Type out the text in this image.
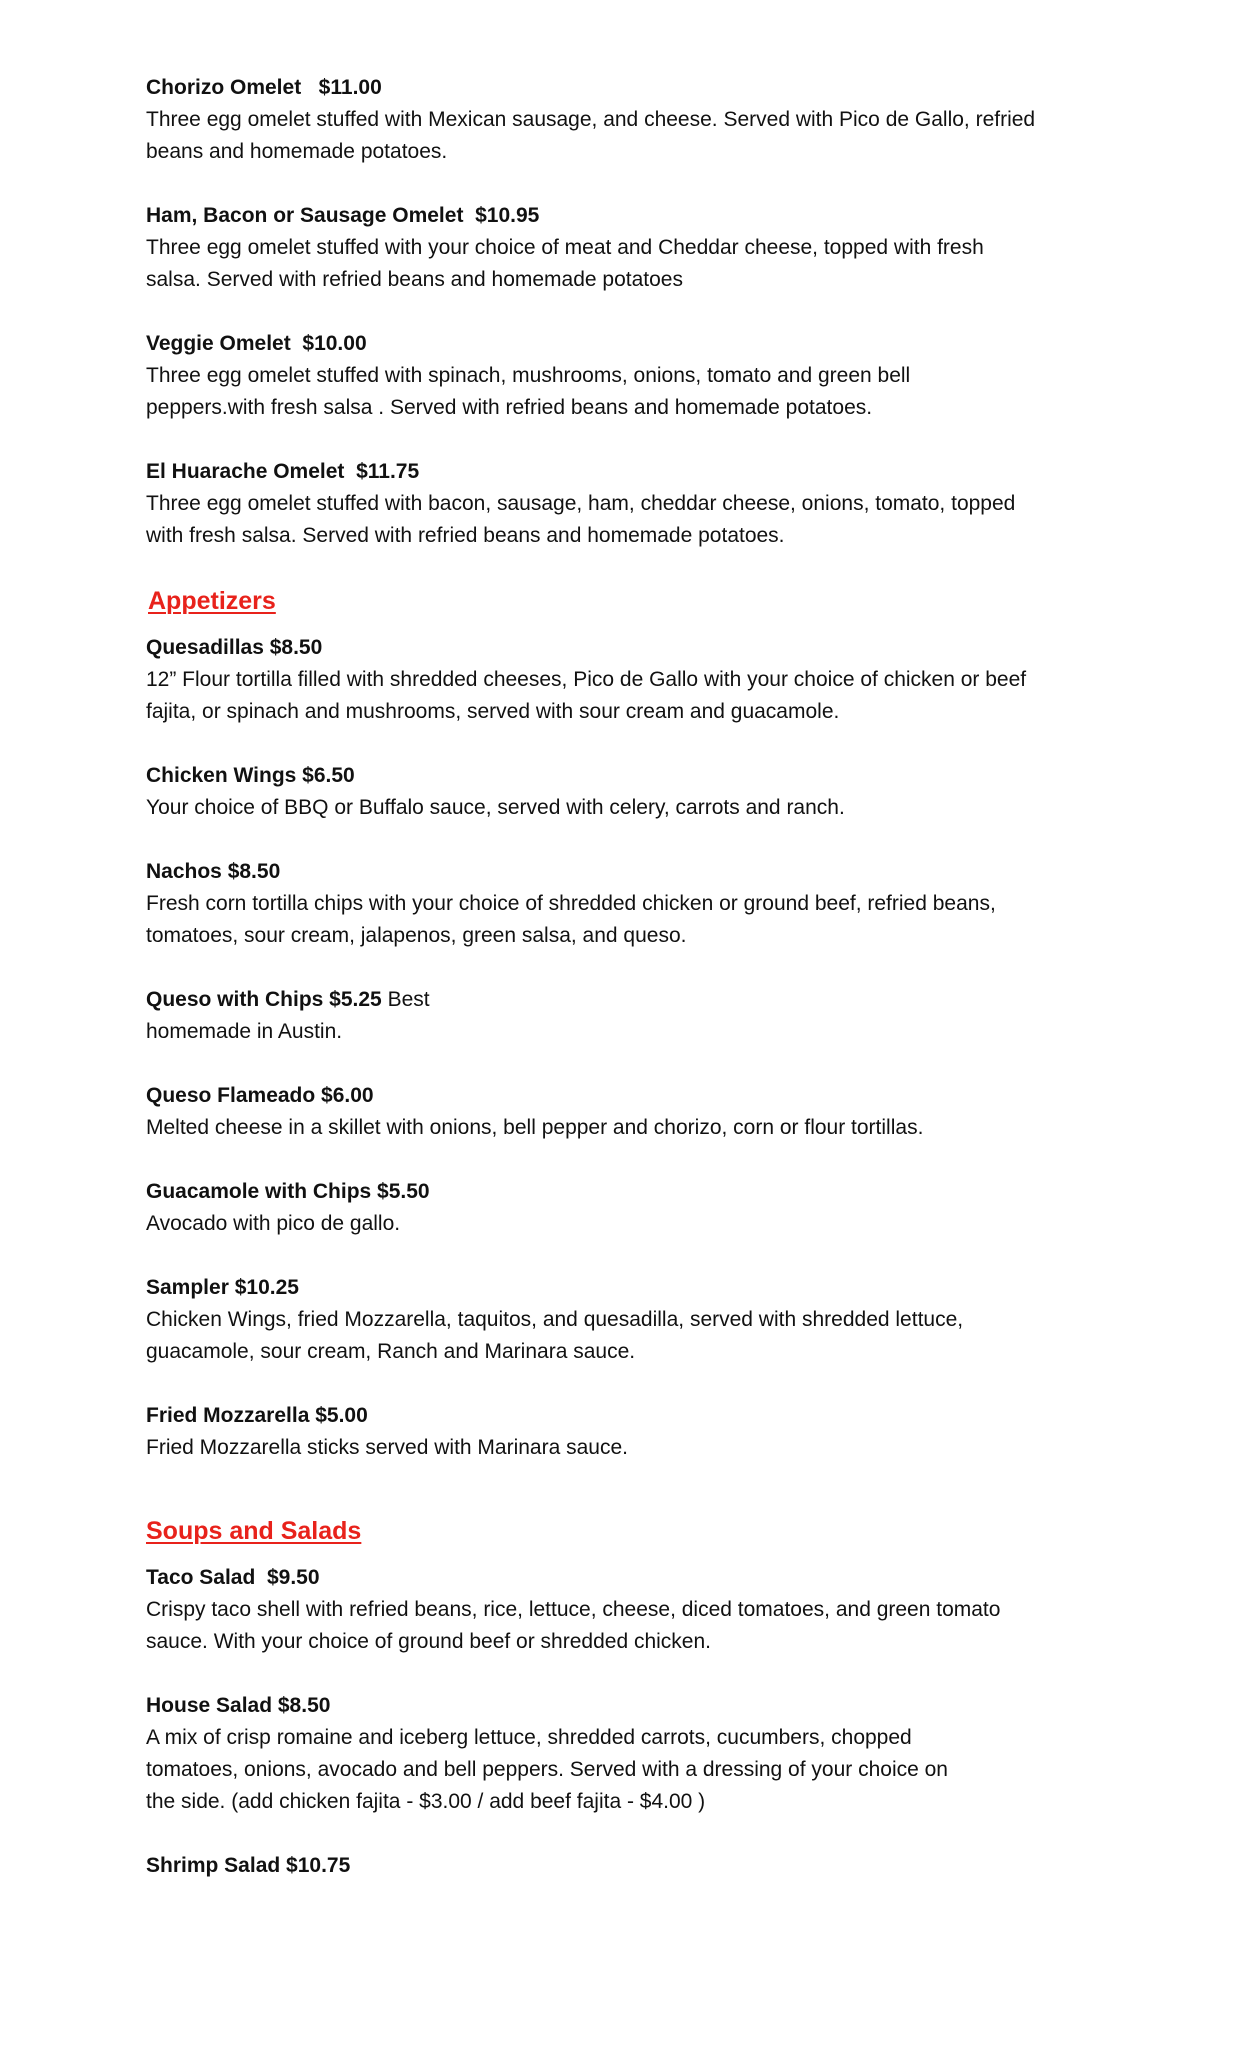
Chorizo Omelet   $11.00
Three egg omelet stuffed with Mexican sausage, and cheese. Served with Pico de Gallo, refried
beans and homemade potatoes.
Ham, Bacon or Sausage Omelet  $10.95
Three egg omelet stuffed with your choice of meat and Cheddar cheese, topped with fresh
salsa. Served with refried beans and homemade potatoes
Veggie Omelet  $10.00
Three egg omelet stuffed with spinach, mushrooms, onions, tomato and green bell
peppers.with fresh salsa . Served with refried beans and homemade potatoes.
El Huarache Omelet  $11.75
Three egg omelet stuffed with bacon, sausage, ham, cheddar cheese, onions, tomato, topped
with fresh salsa. Served with refried beans and homemade potatoes.
Appetizers
Quesadillas $8.50
12” Flour tortilla filled with shredded cheeses, Pico de Gallo with your choice of chicken or beef
fajita, or spinach and mushrooms, served with sour cream and guacamole.
Chicken Wings $6.50
Your choice of BBQ or Buffalo sauce, served with celery, carrots and ranch.
Nachos $8.50
Fresh corn tortilla chips with your choice of shredded chicken or ground beef, refried beans,
tomatoes, sour cream, jalapenos, green salsa, and queso.
Queso with Chips $5.25 Best
homemade in Austin.
Queso Flameado $6.00
Melted cheese in a skillet with onions, bell pepper and chorizo, corn or flour tortillas.
Guacamole with Chips $5.50
Avocado with pico de gallo.
Sampler $10.25
Chicken Wings, fried Mozzarella, taquitos, and quesadilla, served with shredded lettuce,
guacamole, sour cream, Ranch and Marinara sauce.
Fried Mozzarella $5.00
Fried Mozzarella sticks served with Marinara sauce.
Soups and Salads
Taco Salad  $9.50
Crispy taco shell with refried beans, rice, lettuce, cheese, diced tomatoes, and green tomato
sauce. With your choice of ground beef or shredded chicken.
House Salad $8.50
A mix of crisp romaine and iceberg lettuce, shredded carrots, cucumbers, chopped
tomatoes, onions, avocado and bell peppers. Served with a dressing of your choice on
the side. (add chicken fajita - $3.00 / add beef fajita - $4.00 )
Shrimp Salad $10.75
